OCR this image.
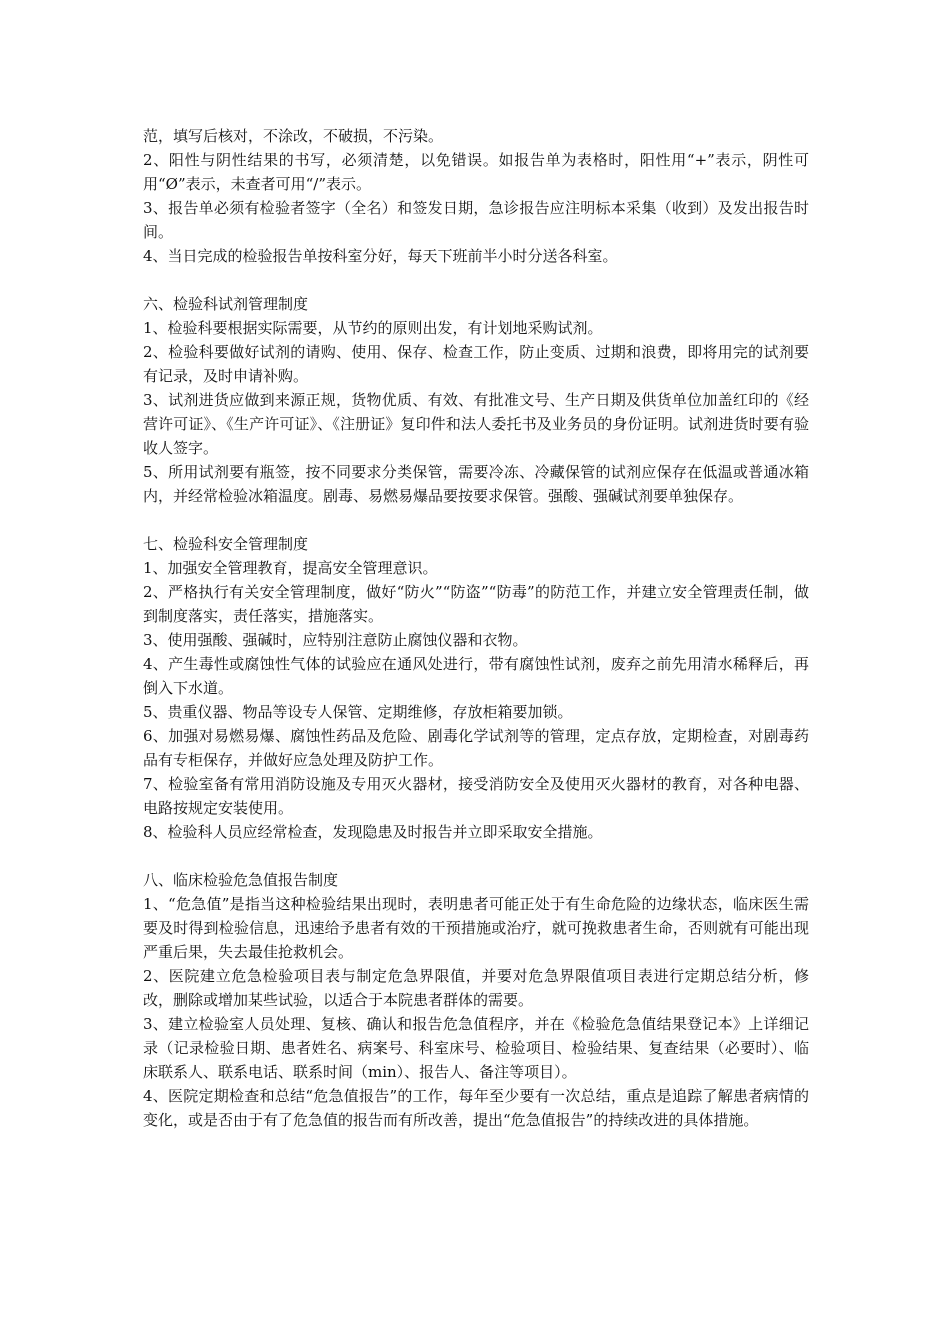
范，填写后核对，不涂改，不破损，不污染。

2、阳性与阴性结果的书写，必须清楚，以免错误。如报告单为表格时，阳性用“+”表示，阴性可用“Ø”表示，未查者可用“/”表示。

3、报告单必须有检验者签字（全名）和签发日期，急诊报告应注明标本采集（收到）及发出报告时间。

4、当日完成的检验报告单按科室分好，每天下班前半小时分送各科室。

六、检验科试剂管理制度

1、检验科要根据实际需要，从节约的原则出发，有计划地采购试剂。

2、检验科要做好试剂的请购、使用、保存、检查工作，防止变质、过期和浪费，即将用完的试剂要有记录，及时申请补购。

3、试剂进货应做到来源正规，货物优质、有效、有批准文号、生产日期及供货单位加盖红印的《经营许可证》、《生产许可证》、《注册证》复印件和法人委托书及业务员的身份证明。试剂进货时要有验收人签字。

5、所用试剂要有瓶签，按不同要求分类保管，需要冷冻、冷藏保管的试剂应保存在低温或普通冰箱内，并经常检验冰箱温度。剧毒、易燃易爆品要按要求保管。强酸、强碱试剂要单独保存。

七、检验科安全管理制度

1、加强安全管理教育，提高安全管理意识。

2、严格执行有关安全管理制度，做好“防火”“防盗”“防毒”的防范工作，并建立安全管理责任制，做到制度落实，责任落实，措施落实。

3、使用强酸、强碱时，应特别注意防止腐蚀仪器和衣物。

4、产生毒性或腐蚀性气体的试验应在通风处进行，带有腐蚀性试剂，废弃之前先用清水稀释后，再倒入下水道。

5、贵重仪器、物品等设专人保管、定期维修，存放柜箱要加锁。

6、加强对易燃易爆、腐蚀性药品及危险、剧毒化学试剂等的管理，定点存放，定期检查，对剧毒药品有专柜保存，并做好应急处理及防护工作。

7、检验室备有常用消防设施及专用灭火器材，接受消防安全及使用灭火器材的教育，对各种电器、电路按规定安装使用。

8、检验科人员应经常检查，发现隐患及时报告并立即采取安全措施。

八、临床检验危急值报告制度

1、“危急值”是指当这种检验结果出现时，表明患者可能正处于有生命危险的边缘状态，临床医生需要及时得到检验信息，迅速给予患者有效的干预措施或治疗，就可挽救患者生命，否则就有可能出现严重后果，失去最佳抢救机会。

2、医院建立危急检验项目表与制定危急界限值，并要对危急界限值项目表进行定期总结分析，修改，删除或增加某些试验，以适合于本院患者群体的需要。

3、建立检验室人员处理、复核、确认和报告危急值程序，并在《检验危急值结果登记本》上详细记录（记录检验日期、患者姓名、病案号、科室床号、检验项目、检验结果、复查结果（必要时）、临床联系人、联系电话、联系时间（min）、报告人、备注等项目）。

4、医院定期检查和总结“危急值报告”的工作，每年至少要有一次总结，重点是追踪了解患者病情的变化，或是否由于有了危急值的报告而有所改善，提出“危急值报告”的持续改进的具体措施。
